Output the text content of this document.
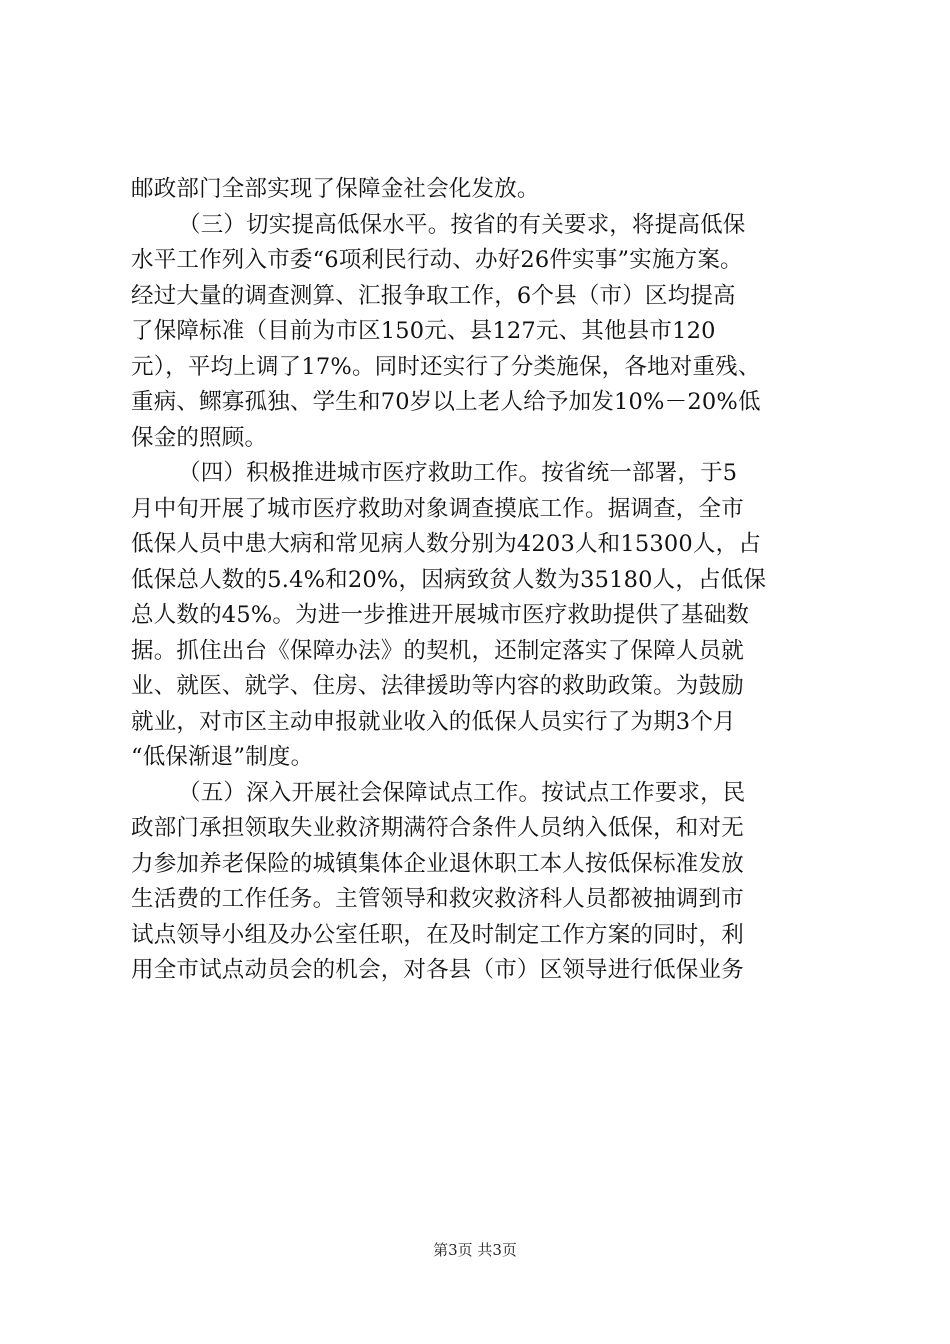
邮政部门全部实现了保障金社会化发放。
（三）切实提高低保水平。按省的有关要求，将提高低保
水平工作列入市委“6项利民行动、办好26件实事”实施方案。
经过大量的调查测算、汇报争取工作，6个县（市）区均提高
了保障标准（目前为市区150元、县127元、其他县市120
元），平均上调了17%。同时还实行了分类施保，各地对重残、
重病、鳏寡孤独、学生和70岁以上老人给予加发10%－20%低
保金的照顾。
（四）积极推进城市医疗救助工作。按省统一部署，于5
月中旬开展了城市医疗救助对象调查摸底工作。据调查，全市
低保人员中患大病和常见病人数分别为4203人和15300人，占
低保总人数的5.4%和20%，因病致贫人数为35180人，占低保
总人数的45%。为进一步推进开展城市医疗救助提供了基础数
据。抓住出台《保障办法》的契机，还制定落实了保障人员就
业、就医、就学、住房、法律援助等内容的救助政策。为鼓励
就业，对市区主动申报就业收入的低保人员实行了为期3个月
“低保渐退”制度。
（五）深入开展社会保障试点工作。按试点工作要求，民
政部门承担领取失业救济期满符合条件人员纳入低保，和对无
力参加养老保险的城镇集体企业退休职工本人按低保标准发放
生活费的工作任务。主管领导和救灾救济科人员都被抽调到市
试点领导小组及办公室任职，在及时制定工作方案的同时，利
用全市试点动员会的机会，对各县（市）区领导进行低保业务
第3页 共3页
